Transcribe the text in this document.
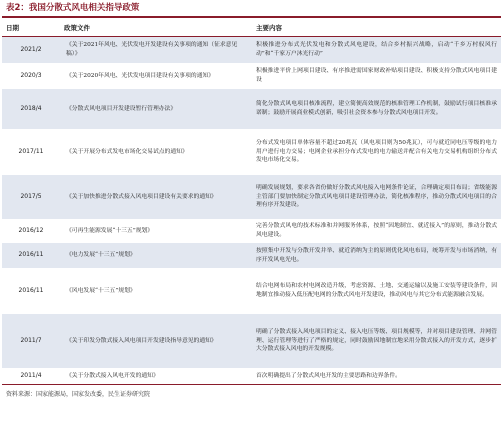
表2：我国分散式风电相关指导政策
日期	政策文件	主要内容
2021/2	《关于2021年风电、光伏发电开发建设有关事项的通知（征求意见稿）》	积极推进分布式光伏发电和分散式风电建设，结合乡村振兴战略，启动“千乡万村驭风行动”和“千家万户沐光行动”
2020/3	《关于2020年风电、光伏发电项目建设有关事项的通知》	积极推进平价上网项目建设、有序推进需国家财政补贴项目建设、积极支持分散式风电项目建设
2018/4	《分散式风电项目开发建设暂行管理办法》	简化分散式风电项目核准流程，建立简便高效规范的核准管理工作机制，鼓励试行项目核准承诺制；鼓励开展商业模式创新，吸引社会资本参与分散式风电项目开发。
2017/11	《关于开展分布式发电市场化交易试点的通知》	分布式发电项目单体容量不超过20兆瓦（风电项目则为50兆瓦），可与就近同电压等级的电力用户进行电力交易；电网企业承担分布式发电的电力输送并配合有关电力交易机构组织分布式发电市场化交易。
2017/5	《关于加快推进分散式接入风电项目建设有关要求的通知》	明确发展规划，要求各省份做好分散式风电接入电网条件论证，合理确定项目布局；省级能源主管部门要加快制定分散式风电项目建设管理办法，简化核准程序，推动分散式风电项目的合理有序开发建设。
2016/12	《可再生能源发展“十三五”规划》	完善分散式风电的技术标准和并网服务体系，按照“因地制宜、就近接入”的原则，推动分散式风电建设。
2016/11	《电力发展“十三五”规划》	按照集中开发与分散开发并举、就近消纳为主的原则优化风电布局，统筹开发与市场消纳，有序开发风电光电。
2016/11	《风电发展“十三五”规划》	结合电网布局和农村电网改造升级，考虑资源、土地、交通运输以及施工安装等建设条件，因地制宜推动接入低压配电网的分散式风电开发建设，推动风电与其它分布式能源融合发展。
2011/7	《关于印发分散式接入风电项目开发建设指导意见的通知》	明确了分散式接入风电项目的定义、接入电压等级、项目规模等，并对项目建设管理、并网管理、运行管理等进行了严格的规定，同时鼓励因地制宜地采用分散式接入的开发方式，逐步扩大分散式接入风电的开发规模。
2011/4	《关于分散式接入风电开发的通知》	首次明确提出了分散式风电开发的主要思路和边界条件。
资料来源：国家能源局，国家发改委，民生证券研究院
